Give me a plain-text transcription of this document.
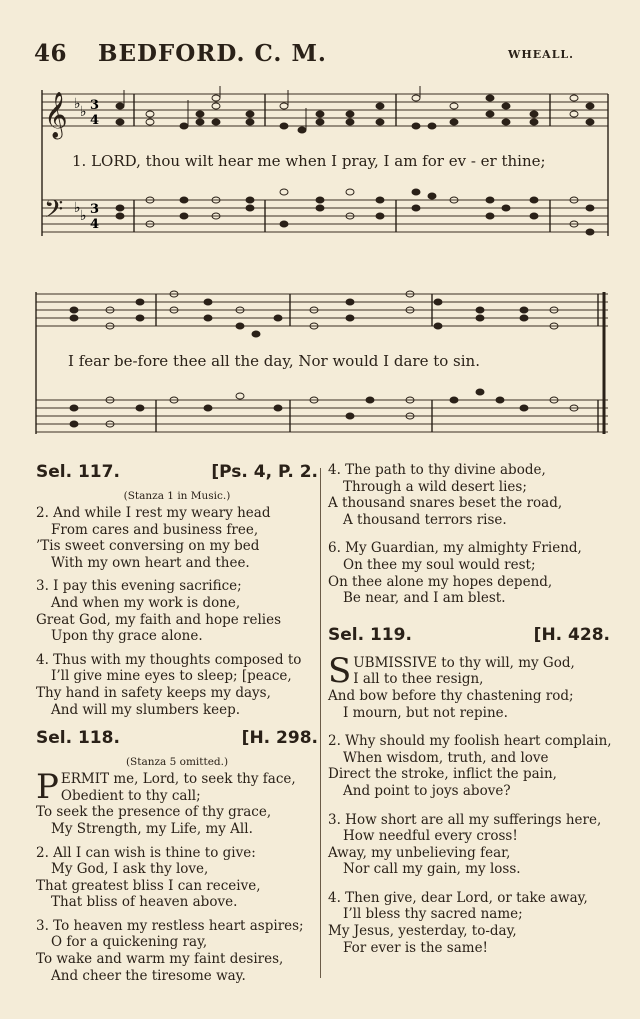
46 BEDFORD. C. M.	WHEALL.
𝄞
𝄢
♭ ♭
♭ ♭
3
4
3
4
1. LORD, thou wilt hear me when I pray, I am for ev - er thine;
I fear be-fore thee all the day, Nor would I dare to sin.
Sel. 117.	[Ps. 4, P. 2.
(Stanza 1 in Music.)
2. And while I rest my weary head
From cares and business free,
’Tis sweet conversing on my bed
With my own heart and thee.
3. I pay this evening sacrifice;
And when my work is done,
Great God, my faith and hope relies
Upon thy grace alone.
4. Thus with my thoughts composed to
I’ll give mine eyes to sleep; [peace,
Thy hand in safety keeps my days,
And will my slumbers keep.
Sel. 118.	[H. 298.
(Stanza 5 omitted.)
P ERMIT me, Lord, to seek thy face,
Obedient to thy call;
To seek the presence of thy grace,
My Strength, my Life, my All.
2. All I can wish is thine to give:
My God, I ask thy love,
That greatest bliss I can receive,
That bliss of heaven above.
3. To heaven my restless heart aspires;
O for a quickening ray,
To wake and warm my faint desires,
And cheer the tiresome way.
4. The path to thy divine abode,
Through a wild desert lies;
A thousand snares beset the road,
A thousand terrors rise.
6. My Guardian, my almighty Friend,
On thee my soul would rest;
On thee alone my hopes depend,
Be near, and I am blest.
Sel. 119.	[H. 428.
S UBMISSIVE to thy will, my God,
I all to thee resign,
And bow before thy chastening rod;
I mourn, but not repine.
2. Why should my foolish heart complain,
When wisdom, truth, and love
Direct the stroke, inflict the pain,
And point to joys above?
3. How short are all my sufferings here,
How needful every cross!
Away, my unbelieving fear,
Nor call my gain, my loss.
4. Then give, dear Lord, or take away,
I’ll bless thy sacred name;
My Jesus, yesterday, to-day,
For ever is the same!
